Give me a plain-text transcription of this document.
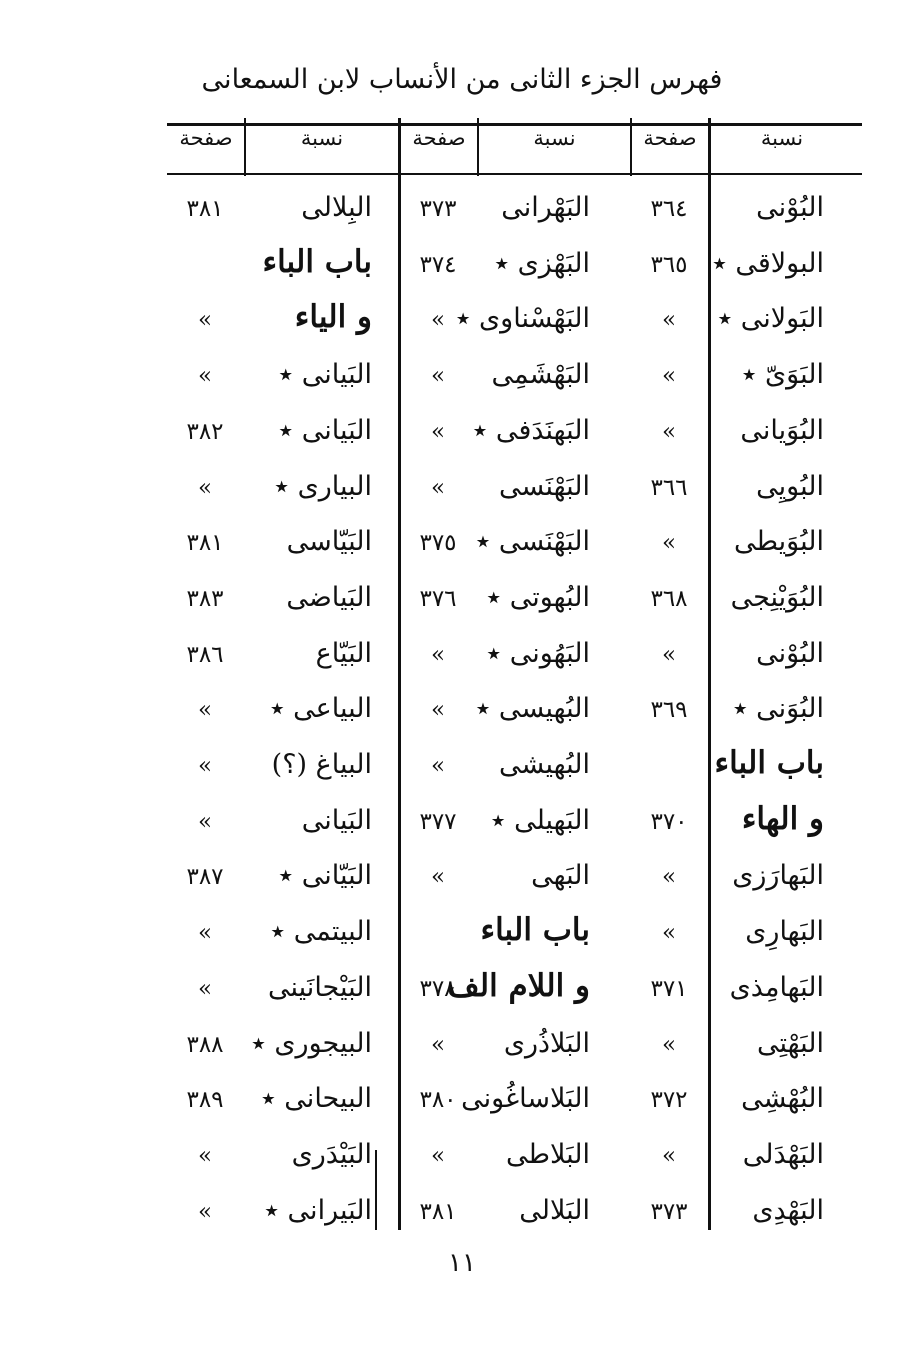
فهرس الجزء الثانى من الأنساب لابن السمعانى
نسبة
صفحة
نسبة
صفحة
نسبة
صفحة
البُوْنى
٣٦٤
البولاقى ٭
٣٦٥
البَولانى ٭
»
البَوَىّ ٭
»
البُوَيانى
»
البُويِى
٣٦٦
البُوَيطى
»
البُوَيْنِجى
٣٦٨
البُوْنى
»
البُوَنى ٭
٣٦٩
باب الباء
و الهاء
٣٧٠
البَهارَزى
»
البَهارِى
»
البَهامِذى
٣٧١
البَهْتِى
»
البُهْشِى
٣٧٢
البَهْدَلى
»
البَهْدِى
٣٧٣
البَهْرانى
٣٧٣
البَهْزى ٭
٣٧٤
البَهْسْناوى ٭
»
البَهْشَمِى
»
البَهنَدَفى ٭
»
البَهْنَسى
»
البَهْنَسى ٭
٣٧٥
البُهوتى ٭
٣٧٦
البَهُونى ٭
»
البُهيسى ٭
»
البُهيشى
»
البَهيلى ٭
٣٧٧
البَهى
»
باب الباء
و اللام الف
٣٧٨
البَلاذُرى
»
البَلاساغُونى
٣٨٠
البَلاطى
»
البَلالى
٣٨١
البِلالى
٣٨١
باب الباء
و الياء
»
البَيانى ٭
»
البَيانى ٭
٣٨٢
البيارى ٭
»
البَيّاسى
٣٨١
البَياضى
٣٨٣
البَيّاع
٣٨٦
البياعى ٭
»
البياغ (؟)
»
البَيانى
»
البَيّانى ٭
٣٨٧
البيتمى ٭
»
البَيْجانَينى
»
البيجورى ٭
٣٨٨
البيحانى ٭
٣٨٩
البَيْدَرى
»
البَيرانى ٭
»
١١
